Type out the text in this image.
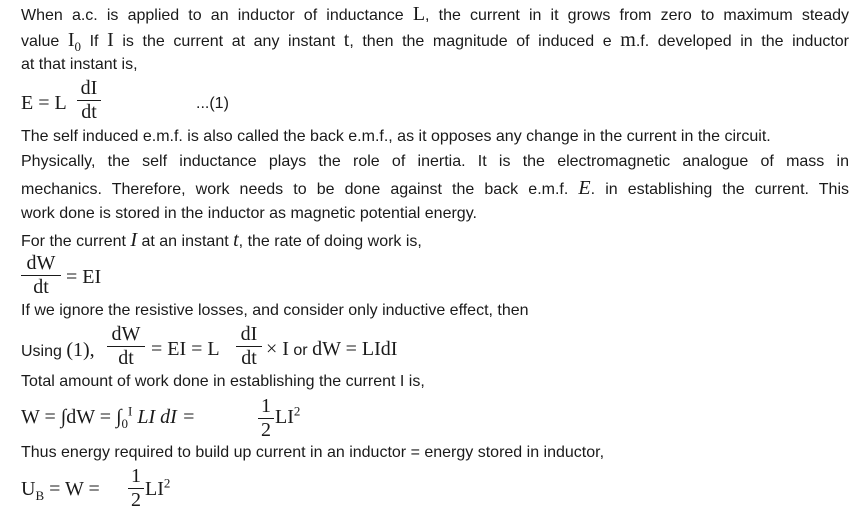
When a.c. is applied to an inductor of inductance L, the current in it grows from zero to maximum steady
value $I_0$ If I is the current at any instant t, then the magnitude of induced e m.f. developed in the inductor
at that instant is,
E = L
dI
dt	...(1)
The self induced e.m.f. is also called the back e.m.f., as it opposes any change in the current in the circuit.
Physically, the self inductance plays the role of inertia. It is the electromagnetic analogue of mass in
mechanics. Therefore, work needs to be done against the back e.m.f. E. in establishing the current. This
work done is stored in the inductor as magnetic potential energy.
For the current I at an instant t, the rate of doing work is,
dW
dt = EI
If we ignore the resistive losses, and consider only inductive effect, then
Using (1),
dW
dt = EI = L
dI
dt × I or dW = LIdI
Total amount of work done in establishing the current I is,
$W = \int dW = \int_0^I$ LI dI =	1
2
$LI^2$
Thus energy required to build up current in an inductor = energy stored in inductor,
$U_B = W$ =
1
2 $LI^2$
